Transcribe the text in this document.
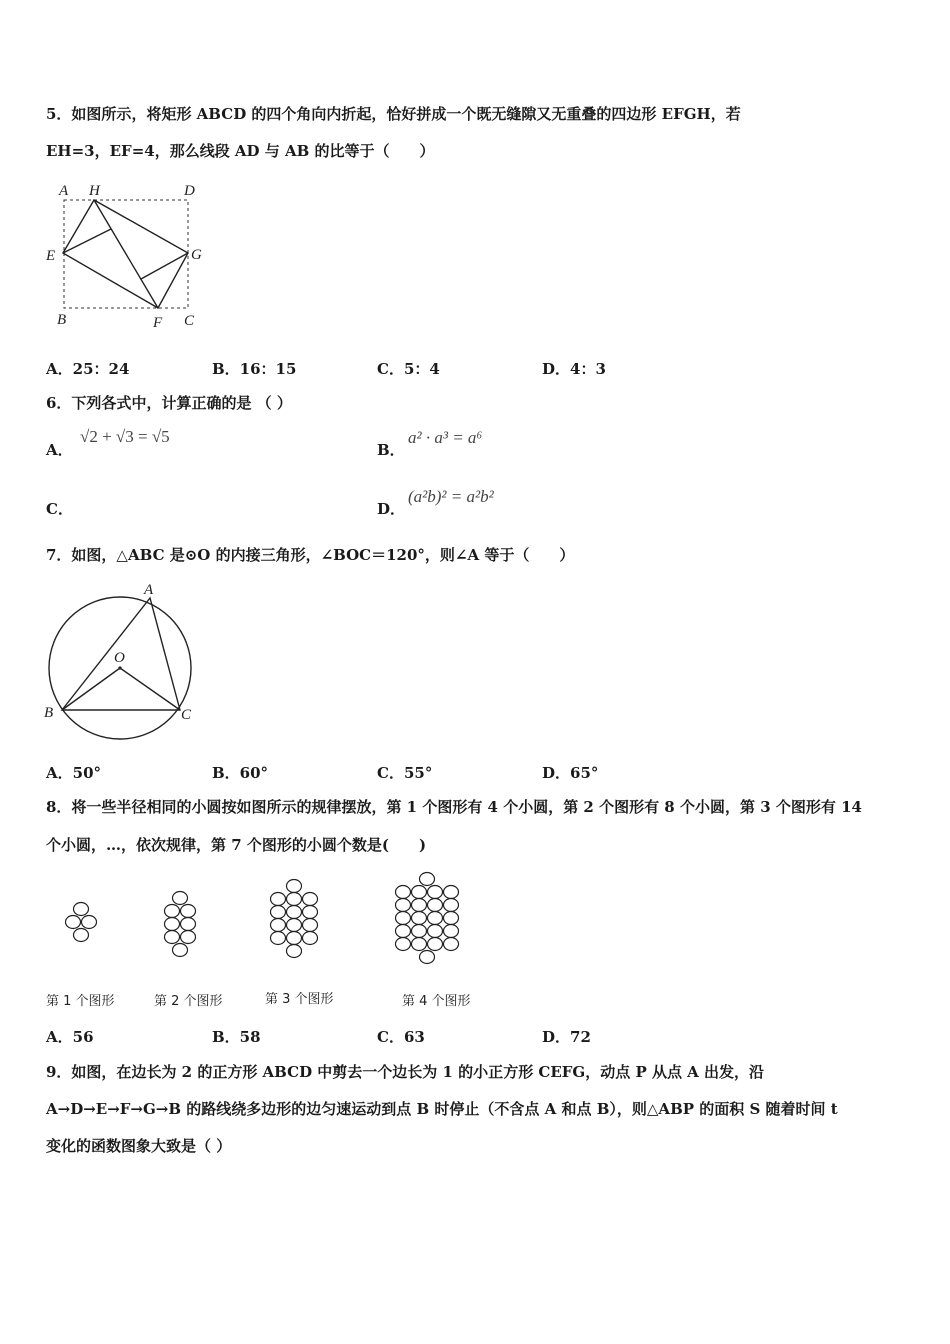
5．如图所示，将矩形 ABCD 的四个角向内折起，恰好拼成一个既无缝隙又无重叠的四边形 EFGH，若
EH=3，EF=4，那么线段 AD 与 AB 的比等于（　　）
A H	D
E	G
B	F C
A．25：24	B．16：15	C．5：4	D．4：3
6．下列各式中，计算正确的是 （ ）
A．
√2 + √3 = √5
B．
a² · a³ = a⁶
C．	D．
(a²b)² = a²b²
7．如图，△ABC 是⊙O 的内接三角形，∠BOC＝120°，则∠A 等于（　　）
A
O
B	C
A．50°	B．60°	C．55°	D．65°
8．将一些半径相同的小圆按如图所示的规律摆放，第 1 个图形有 4 个小圆，第 2 个图形有 8 个小圆，第 3 个图形有 14
个小圆，…，依次规律，第 7 个图形的小圆个数是(　　)
第 1 个图形	第 2 个图形	第 3 个图形	第 4 个图形
A．56	B．58	C．63	D．72
9．如图，在边长为 2 的正方形 ABCD 中剪去一个边长为 1 的小正方形 CEFG，动点 P 从点 A 出发，沿
A→D→E→F→G→B 的路线绕多边形的边匀速运动到点 B 时停止（不含点 A 和点 B），则△ABP 的面积 S 随着时间 t
变化的函数图象大致是（ ）
